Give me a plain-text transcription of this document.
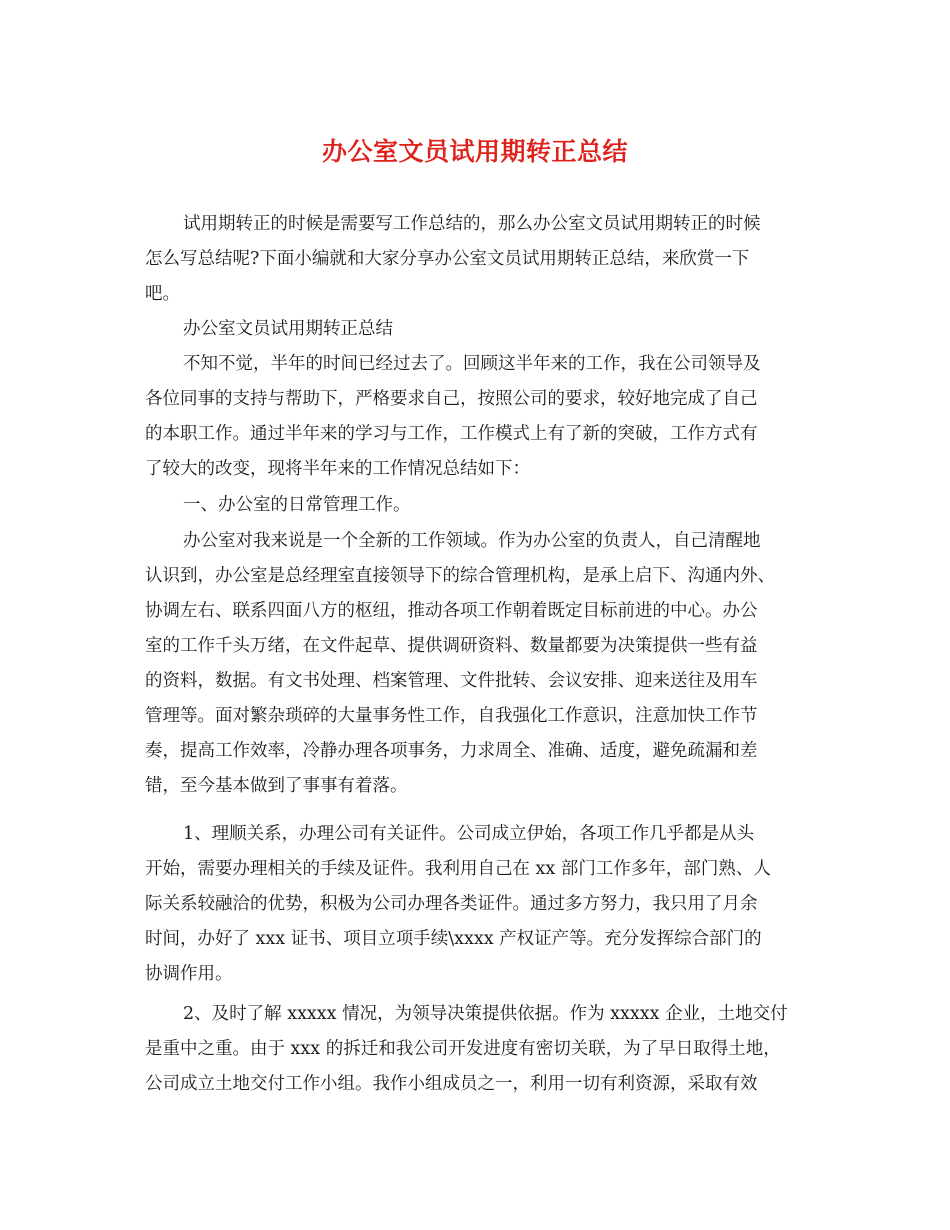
办公室文员试用期转正总结

试用期转正的时候是需要写工作总结的，那么办公室文员试用期转正的时候

怎么写总结呢?下面小编就和大家分享办公室文员试用期转正总结，来欣赏一下

吧。

办公室文员试用期转正总结

不知不觉，半年的时间已经过去了。回顾这半年来的工作，我在公司领导及

各位同事的支持与帮助下，严格要求自己，按照公司的要求，较好地完成了自己

的本职工作。通过半年来的学习与工作，工作模式上有了新的突破，工作方式有

了较大的改变，现将半年来的工作情况总结如下：

一、办公室的日常管理工作。

办公室对我来说是一个全新的工作领域。作为办公室的负责人，自己清醒地

认识到，办公室是总经理室直接领导下的综合管理机构，是承上启下、沟通内外、

协调左右、联系四面八方的枢纽，推动各项工作朝着既定目标前进的中心。办公

室的工作千头万绪，在文件起草、提供调研资料、数量都要为决策提供一些有益

的资料，数据。有文书处理、档案管理、文件批转、会议安排、迎来送往及用车

管理等。面对繁杂琐碎的大量事务性工作，自我强化工作意识，注意加快工作节

奏，提高工作效率，冷静办理各项事务，力求周全、准确、适度，避免疏漏和差

错，至今基本做到了事事有着落。

1、理顺关系，办理公司有关证件。公司成立伊始，各项工作几乎都是从头

开始，需要办理相关的手续及证件。我利用自己在 xx 部门工作多年，部门熟、人

际关系较融洽的优势，积极为公司办理各类证件。通过多方努力，我只用了月余

时间，办好了 xxx 证书、项目立项手续\xxxx 产权证产等。充分发挥综合部门的

协调作用。

2、及时了解 xxxxx 情况，为领导决策提供依据。作为 xxxxx 企业，土地交付

是重中之重。由于 xxx 的拆迁和我公司开发进度有密切关联，为了早日取得土地，

公司成立土地交付工作小组。我作小组成员之一，利用一切有利资源，采取有效
